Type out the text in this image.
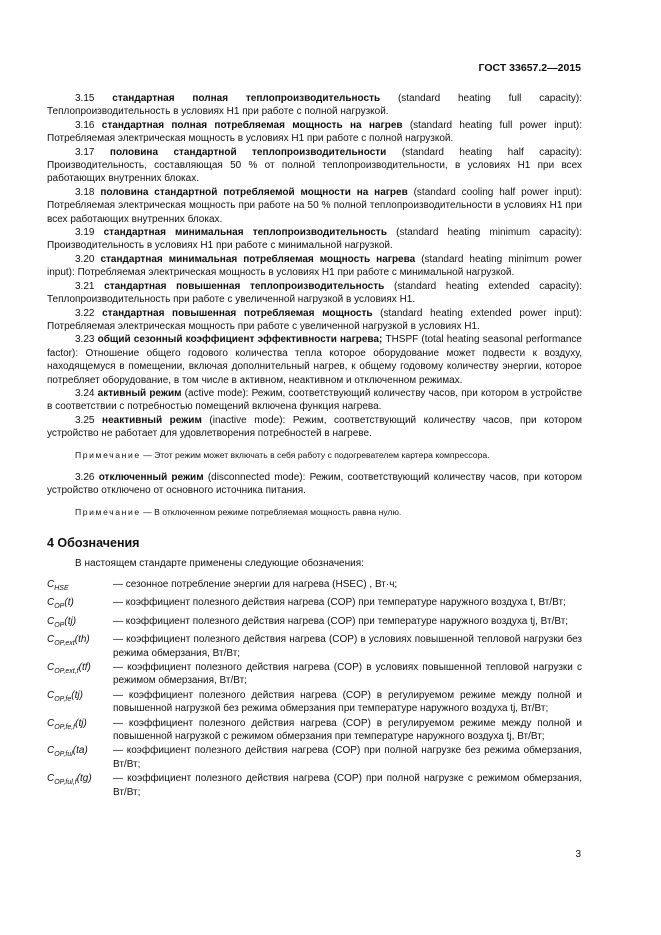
ГОСТ 33657.2—2015

3.15 стандартная полная теплопроизводительность (standard heating full capacity): Теплопроизводительность в условиях H1 при работе с полной нагрузкой.

3.16 стандартная полная потребляемая мощность на нагрев (standard heating full power input): Потребляемая электрическая мощность в условиях H1 при работе с полной нагрузкой.

3.17 половина стандартной теплопроизводительности (standard heating half capacity): Производительность, составляющая 50 % от полной теплопроизводительности, в условиях H1 при всех работающих внутренних блоках.

3.18 половина стандартной потребляемой мощности на нагрев (standard cooling half power input): Потребляемая электрическая мощность при работе на 50 % полной теплопроизводительности в условиях H1 при всех работающих внутренних блоках.

3.19 стандартная минимальная теплопроизводительность (standard heating minimum capacity): Производительность в условиях H1 при работе с минимальной нагрузкой.

3.20 стандартная минимальная потребляемая мощность нагрева (standard heating minimum power input): Потребляемая электрическая мощность в условиях H1 при работе с минимальной нагрузкой.

3.21 стандартная повышенная теплопроизводительность (standard heating extended capacity): Теплопроизводительность при работе с увеличенной нагрузкой в условиях H1.

3.22 стандартная повышенная потребляемая мощность (standard heating extended power input): Потребляемая электрическая мощность при работе с увеличенной нагрузкой в условиях H1.

3.23 общий сезонный коэффициент эффективности нагрева; THSPF (total heating seasonal performance factor): Отношение общего годового количества тепла которое оборудование может подвести к воздуху, находящемуся в помещении, включая дополнительный нагрев, к общему годовому количеству энергии, которое потребляет оборудование, в том числе в активном, неактивном и отключенном режимах.

3.24 активный режим (active mode): Режим, соответствующий количеству часов, при котором в устройстве в соответствии с потребностью помещений включена функция нагрева.

3.25 неактивный режим (inactive mode): Режим, соответствующий количеству часов, при котором устройство не работает для удовлетворения потребностей в нагреве.

Примечание — Этот режим может включать в себя работу с подогревателем картера компрессора.

3.26 отключенный режим (disconnected mode): Режим, соответствующий количеству часов, при котором устройство отключено от основного источника питания.

Примечание — В отключенном режиме потребляемая мощность равна нулю.
4 Обозначения

В настоящем стандарте применены следующие обозначения:

$C_{HSE}$	— сезонное потребление энергии для нагрева (HSEC) , Вт·ч;
$C_{OP}(t)$	— коэффициент полезного действия нагрева (COP) при температуре наружного воздуха t, Вт/Вт;
$C_{OP}(tj)$	— коэффициент полезного действия нагрева (COP) при температуре наружного воздуха tj, Вт/Вт;
$C_{OP,ext}(th)$	— коэффициент полезного действия нагрева (COP) в условиях повышенной тепловой нагрузки без режима обмерзания, Вт/Вт;
$C_{OP,ext,f}(tf)$	— коэффициент полезного действия нагрева (COP) в условиях повышенной тепловой нагрузки с режимом обмерзания, Вт/Вт;
$C_{OP,fe}(tj)$	— коэффициент полезного действия нагрева (COP) в регулируемом режиме между полной и повышенной нагрузкой без режима обмерзания при температуре наружного воздуха tj, Вт/Вт;
$C_{OP,fe,f}(tj)$	— коэффициент полезного действия нагрева (COP) в регулируемом режиме между полной и повышенной нагрузкой с режимом обмерзания при температуре наружного воздуха tj, Вт/Вт;
$C_{OP,ful}(ta)$	— коэффициент полезного действия нагрева (COP) при полной нагрузке без режима обмерзания, Вт/Вт;
$C_{OP,ful,f}(tg)$	— коэффициент полезного действия нагрева (COP) при полной нагрузке с режимом обмерзания, Вт/Вт;
3
